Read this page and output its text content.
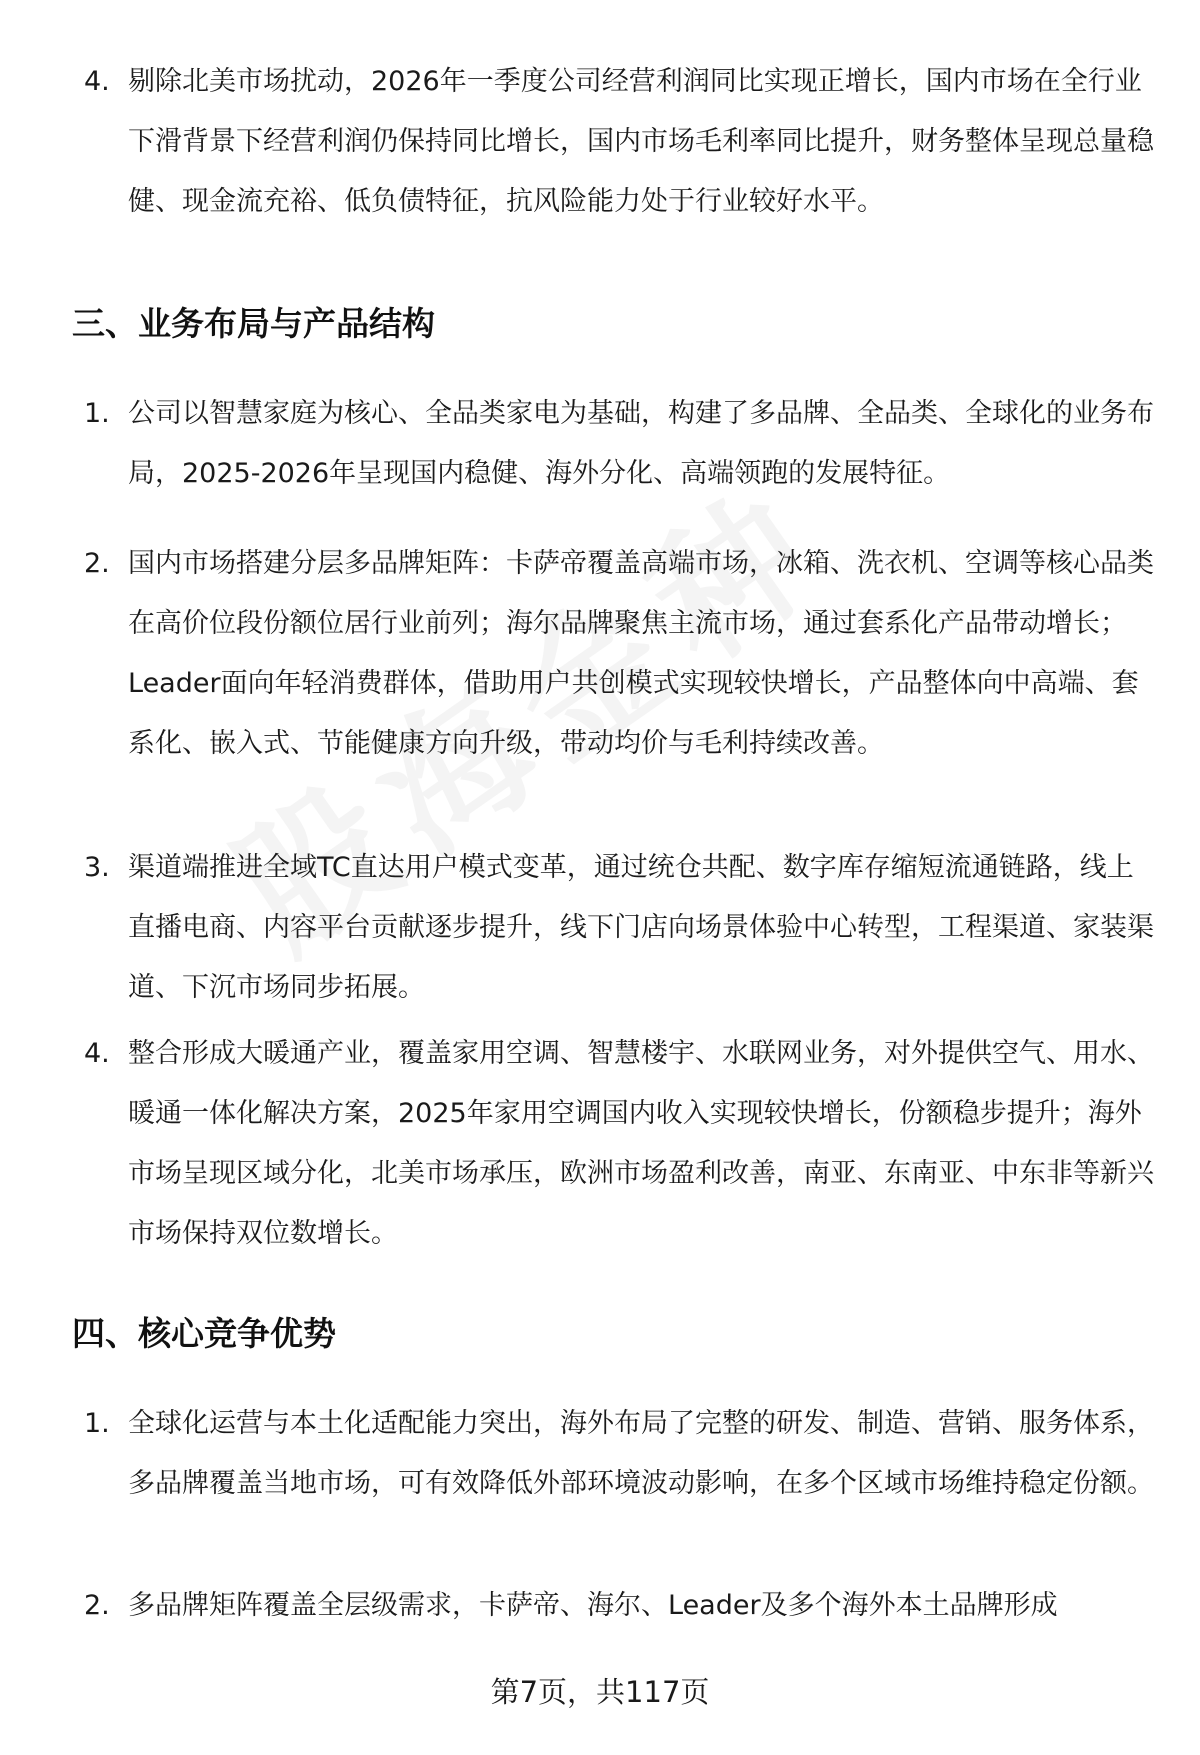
4. 剔除北美市场扰动，2026年一季度公司经营利润同比实现正增长，国内市场在全行业下滑背景下经营利润仍保持同比增长，国内市场毛利率同比提升，财务整体呈现总量稳健、现金流充裕、低负债特征，抗风险能力处于行业较好水平。
三、业务布局与产品结构
1. 公司以智慧家庭为核心、全品类家电为基础，构建了多品牌、全品类、全球化的业务布局，2025-2026年呈现国内稳健、海外分化、高端领跑的发展特征。
2. 国内市场搭建分层多品牌矩阵：卡萨帝覆盖高端市场，冰箱、洗衣机、空调等核心品类在高价位段份额位居行业前列；海尔品牌聚焦主流市场，通过套系化产品带动增长；Leader面向年轻消费群体，借助用户共创模式实现较快增长，产品整体向中高端、套系化、嵌入式、节能健康方向升级，带动均价与毛利持续改善。
3. 渠道端推进全域TC直达用户模式变革，通过统仓共配、数字库存缩短流通链路，线上直播电商、内容平台贡献逐步提升，线下门店向场景体验中心转型，工程渠道、家装渠道、下沉市场同步拓展。
4. 整合形成大暖通产业，覆盖家用空调、智慧楼宇、水联网业务，对外提供空气、用水、暖通一体化解决方案，2025年家用空调国内收入实现较快增长，份额稳步提升；海外市场呈现区域分化，北美市场承压，欧洲市场盈利改善，南亚、东南亚、中东非等新兴市场保持双位数增长。
四、核心竞争优势
1. 全球化运营与本土化适配能力突出，海外布局了完整的研发、制造、营销、服务体系，多品牌覆盖当地市场，可有效降低外部环境波动影响，在多个区域市场维持稳定份额。
2. 多品牌矩阵覆盖全层级需求，卡萨帝、海尔、Leader及多个海外本土品牌形成
第7页，共117页
